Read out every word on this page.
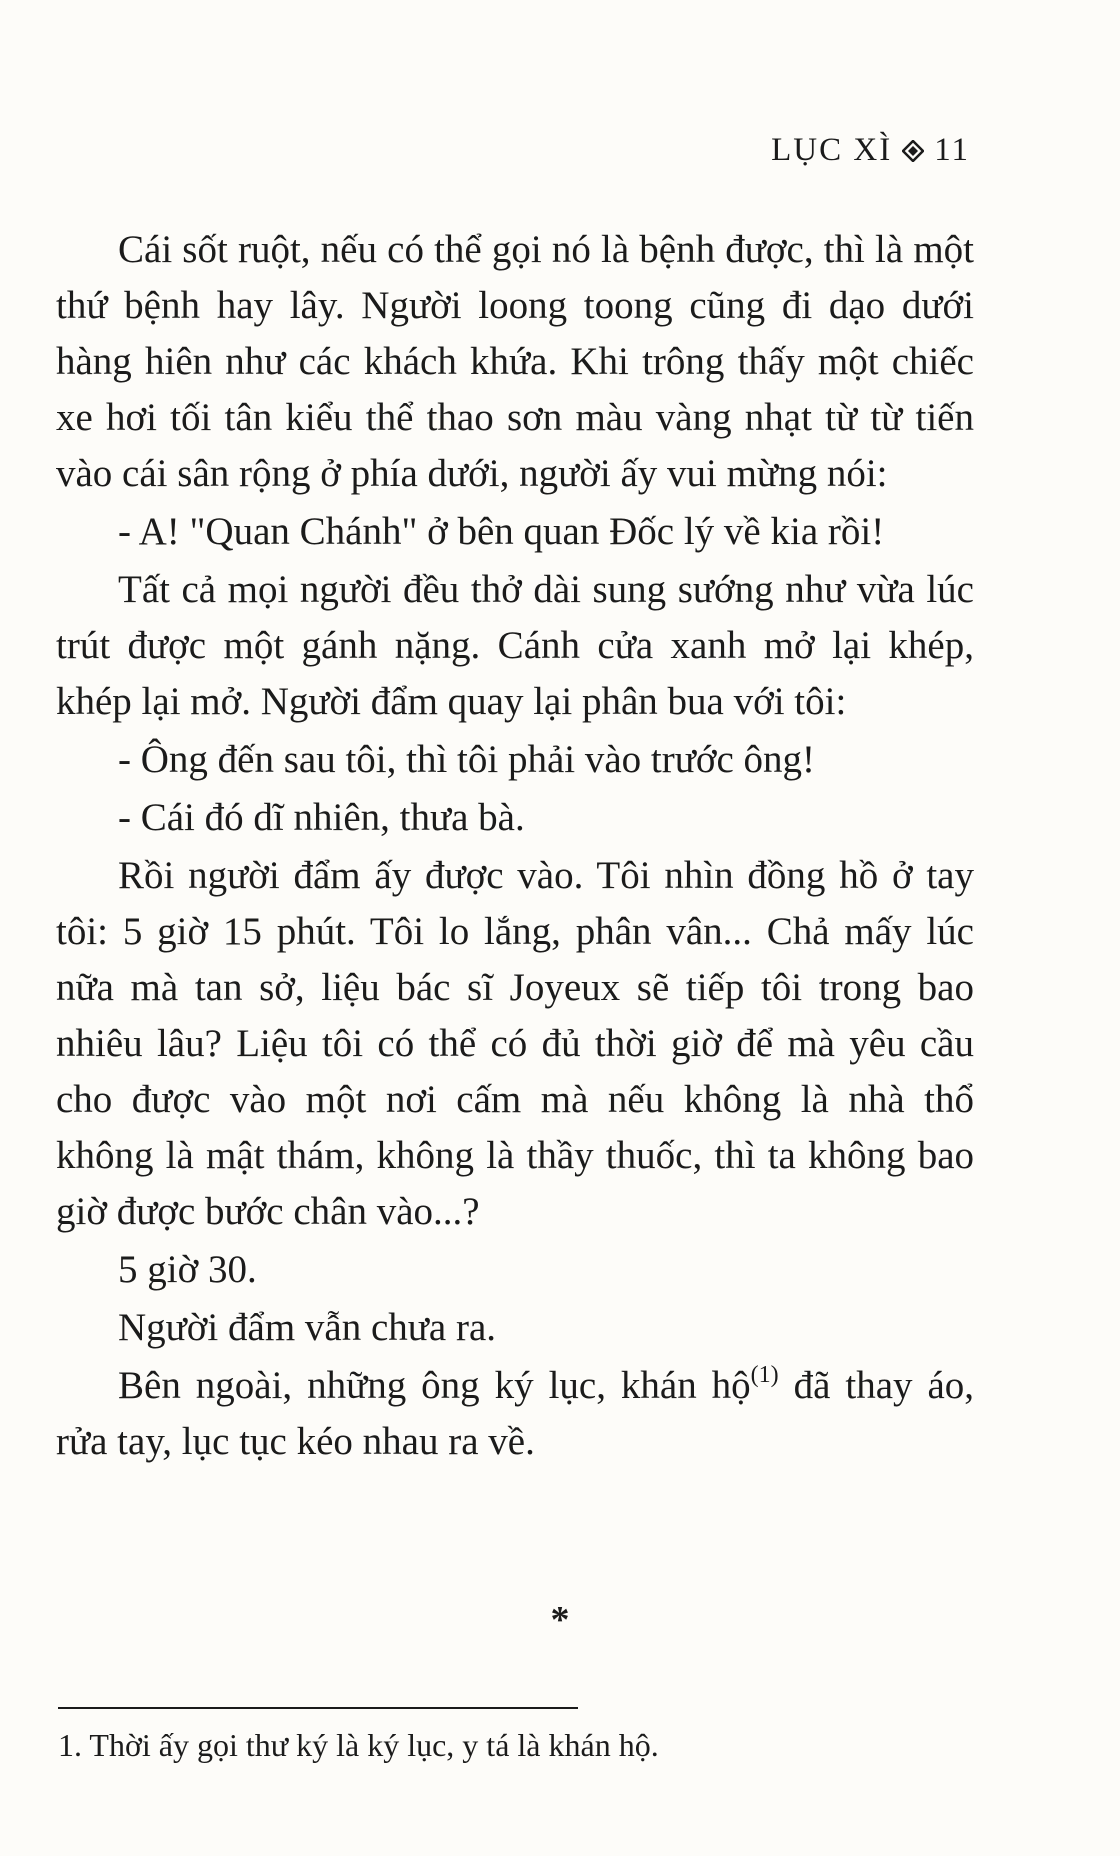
LỤC XÌ 11

Cái sốt ruột, nếu có thể gọi nó là bệnh được, thì là một thứ bệnh hay lây. Người loong toong cũng đi dạo dưới hàng hiên như các khách khứa. Khi trông thấy một chiếc xe hơi tối tân kiểu thể thao sơn màu vàng nhạt từ từ tiến vào cái sân rộng ở phía dưới, người ấy vui mừng nói:

- A! "Quan Chánh" ở bên quan Đốc lý về kia rồi!

Tất cả mọi người đều thở dài sung sướng như vừa lúc trút được một gánh nặng. Cánh cửa xanh mở lại khép, khép lại mở. Người đẩm quay lại phân bua với tôi:

- Ông đến sau tôi, thì tôi phải vào trước ông!

- Cái đó dĩ nhiên, thưa bà.

Rồi người đẩm ấy được vào. Tôi nhìn đồng hồ ở tay tôi: 5 giờ 15 phút. Tôi lo lắng, phân vân... Chả mấy lúc nữa mà tan sở, liệu bác sĩ Joyeux sẽ tiếp tôi trong bao nhiêu lâu? Liệu tôi có thể có đủ thời giờ để mà yêu cầu cho được vào một nơi cấm mà nếu không là nhà thổ không là mật thám, không là thầy thuốc, thì ta không bao giờ được bước chân vào...?

5 giờ 30.

Người đẩm vẫn chưa ra.

Bên ngoài, những ông ký lục, khán hộ$^{(1)}$ đã thay áo, rửa tay, lục tục kéo nhau ra về.

*
1. Thời ấy gọi thư ký là ký lục, y tá là khán hộ.
